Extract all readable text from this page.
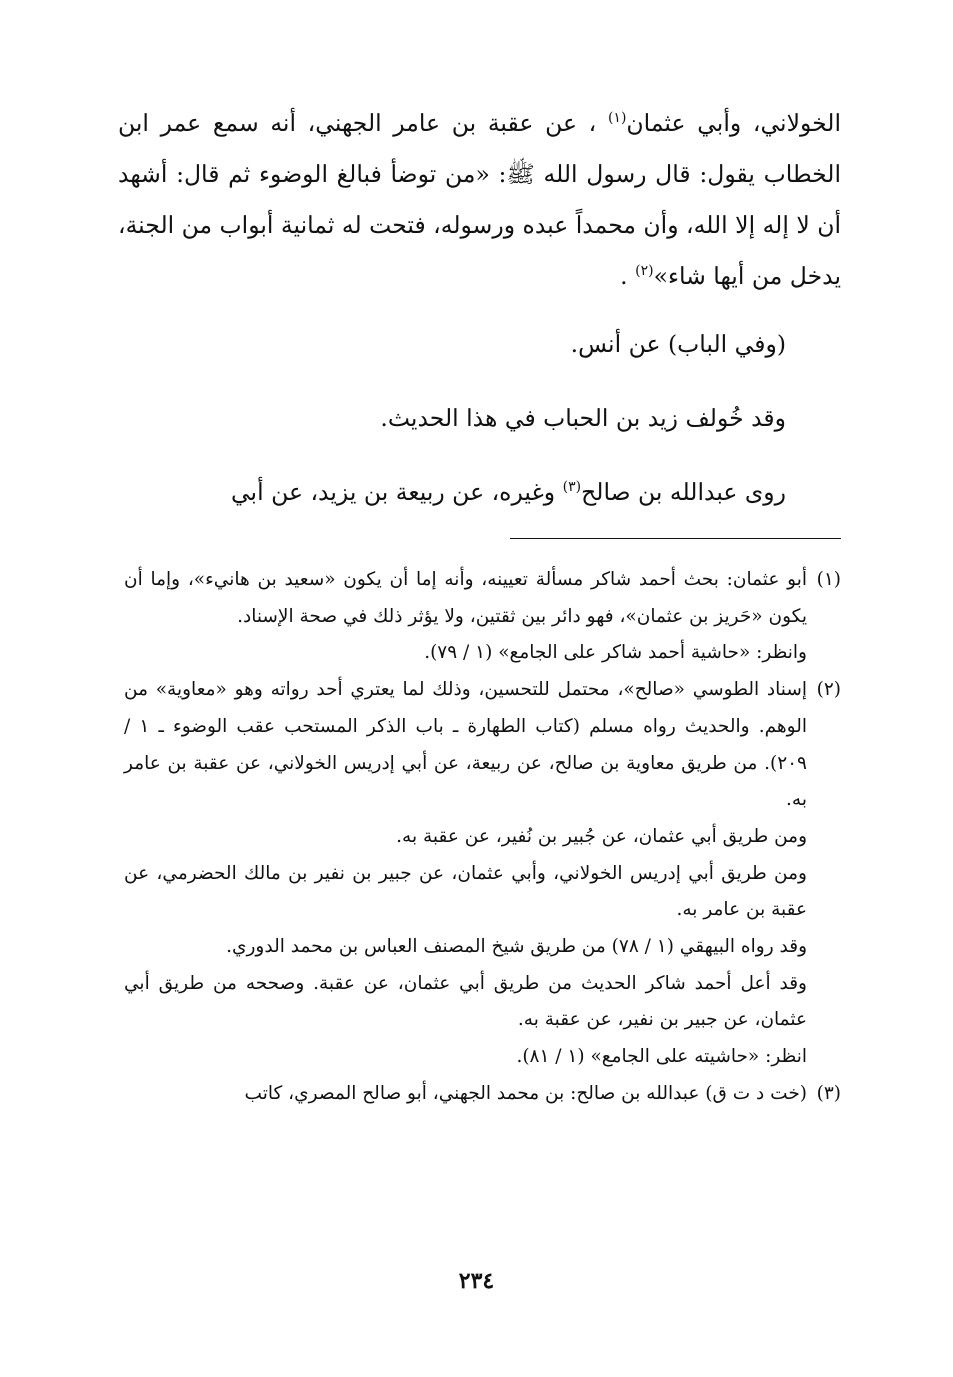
الخولاني، وأبي عثمان$^{(١)}$ ، عن عقبة بن عامر الجهني، أنه سمع عمر ابن الخطاب يقول: قال رسول الله ﷺ: «من توضأ فبالغ الوضوء ثم قال: أشهد أن لا إله إلا الله، وأن محمداً عبده ورسوله، فتحت له ثمانية أبواب من الجنة، يدخل من أيها شاء»$^{(٢)}$ .

(وفي الباب) عن أنس.

وقد خُولف زيد بن الحباب في هذا الحديث.

روى عبدالله بن صالح$^{(٣)}$ وغيره، عن ربيعة بن يزيد، عن أبي

(١)

أبو عثمان: بحث أحمد شاكر مسألة تعيينه، وأنه إما أن يكون «سعيد بن هانيء»، وإما أن يكون «حَريز بن عثمان»، فهو دائر بين ثقتين، ولا يؤثر ذلك في صحة الإسناد.

وانظر: «حاشية أحمد شاكر على الجامع» (١ / ٧٩).

(٢)

إسناد الطوسي «صالح»، محتمل للتحسين، وذلك لما يعتري أحد رواته وهو «معاوية» من الوهم. والحديث رواه مسلم (كتاب الطهارة ـ باب الذكر المستحب عقب الوضوء ـ ١ / ٢٠٩). من طريق معاوية بن صالح، عن ربيعة، عن أبي إدريس الخولاني، عن عقبة بن عامر به.

ومن طريق أبي عثمان، عن جُبير بن نُفير، عن عقبة به.

ومن طريق أبي إدريس الخولاني، وأبي عثمان، عن جبير بن نفير بن مالك الحضرمي، عن عقبة بن عامر به.

وقد رواه البيهقي (١ / ٧٨) من طريق شيخ المصنف العباس بن محمد الدوري.

وقد أعل أحمد شاكر الحديث من طريق أبي عثمان، عن عقبة. وصححه من طريق أبي عثمان، عن جبير بن نفير، عن عقبة به.

انظر: «حاشيته على الجامع» (١ / ٨١).

(٣)

(خت د ت ق) عبدالله بن صالح: بن محمد الجهني، أبو صالح المصري، كاتب

٢٣٤
